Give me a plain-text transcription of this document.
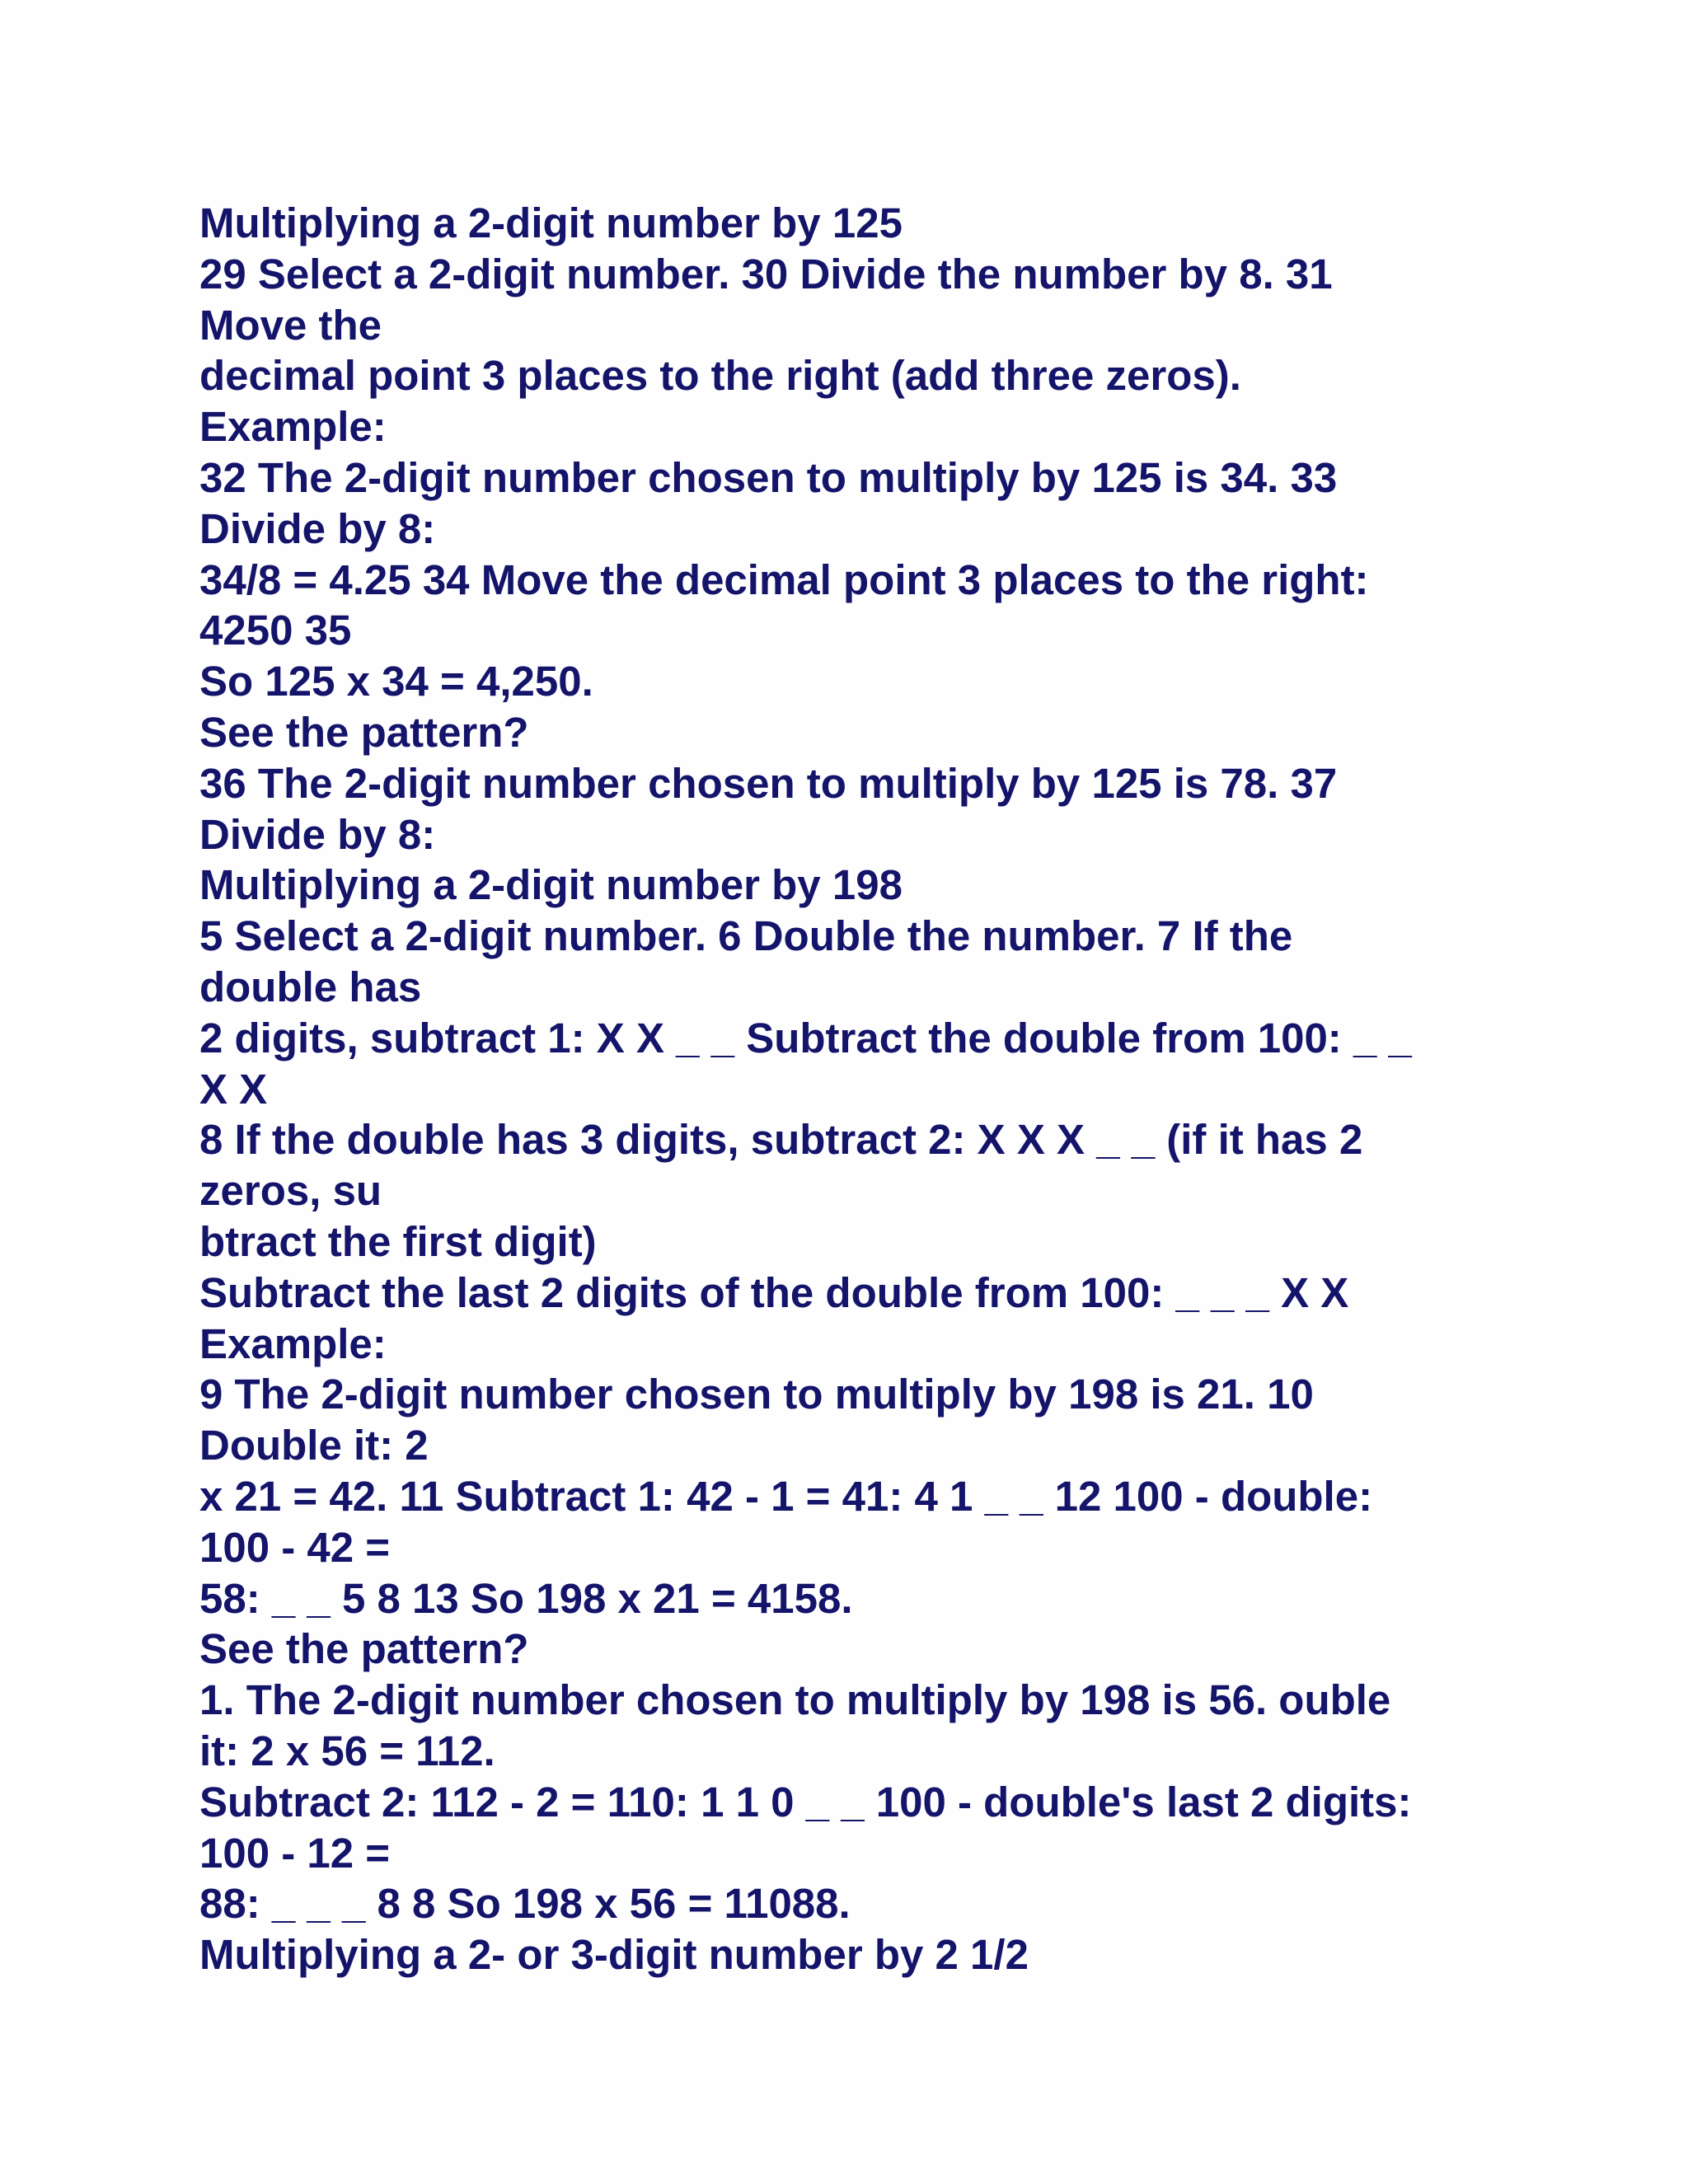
Multiplying a 2-digit number by 125
29 Select a 2-digit number. 30 Divide the number by 8. 31
Move the
decimal point 3 places to the right (add three zeros).
Example:
32 The 2-digit number chosen to multiply by 125 is 34. 33
Divide by 8:
34/8 = 4.25 34 Move the decimal point 3 places to the right:
4250 35
So 125 x 34 = 4,250.
See the pattern?
36 The 2-digit number chosen to multiply by 125 is 78. 37
Divide by 8:
Multiplying a 2-digit number by 198
5 Select a 2-digit number. 6 Double the number. 7 If the
double has
2 digits, subtract 1: X X _ _ Subtract the double from 100: _ _
X X
8 If the double has 3 digits, subtract 2: X X X _ _ (if it has 2
zeros, su
btract the first digit)
Subtract the last 2 digits of the double from 100: _ _ _ X X
Example:
9 The 2-digit number chosen to multiply by 198 is 21. 10
Double it: 2
x 21 = 42. 11 Subtract 1: 42 - 1 = 41: 4 1 _ _ 12 100 - double:
100 - 42 =
58: _ _ 5 8 13 So 198 x 21 = 4158.
See the pattern?
1. The 2-digit number chosen to multiply by 198 is 56. ouble
it: 2 x 56 = 112.
Subtract 2: 112 - 2 = 110: 1 1 0 _ _ 100 - double's last 2 digits:
100 - 12 =
88: _ _ _ 8 8 So 198 x 56 = 11088.
Multiplying a 2- or 3-digit number by 2 1/2
